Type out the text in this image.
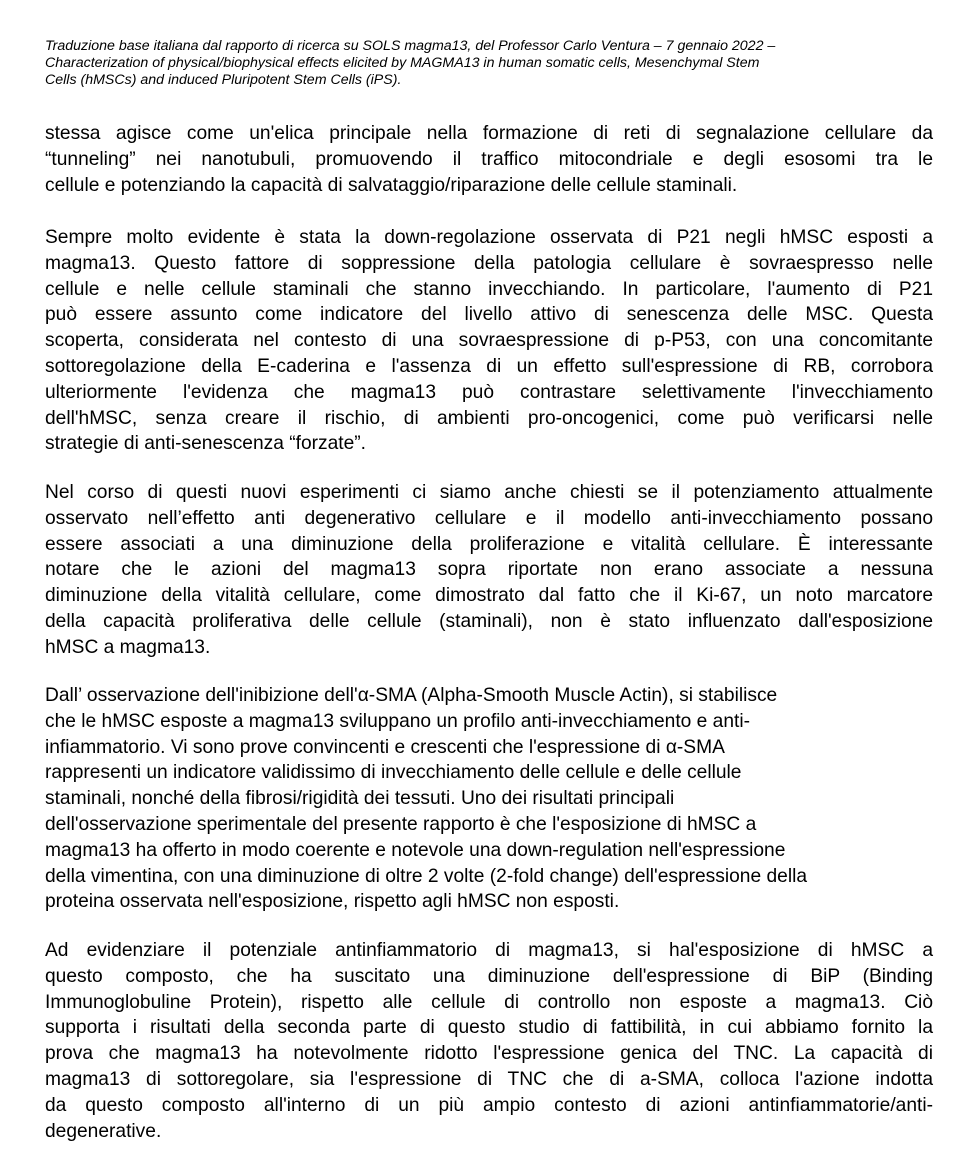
Traduzione base italiana dal rapporto di ricerca su SOLS magma13, del Professor Carlo Ventura – 7 gennaio 2022 –
Characterization of physical/biophysical effects elicited by MAGMA13 in human somatic cells, Mesenchymal Stem
Cells (hMSCs) and induced Pluripotent Stem Cells (iPS).
stessa agisce come un'elica principale nella formazione di reti di segnalazione cellulare da
“tunneling” nei nanotubuli, promuovendo il traffico mitocondriale e degli esosomi tra le
cellule e potenziando la capacità di salvataggio/riparazione delle cellule staminali.
Sempre molto evidente è stata la down-regolazione osservata di P21 negli hMSC esposti a
magma13. Questo fattore di soppressione della patologia cellulare è sovraespresso nelle
cellule e nelle cellule staminali che stanno invecchiando. In particolare, l'aumento di P21
può essere assunto come indicatore del livello attivo di senescenza delle MSC. Questa
scoperta, considerata nel contesto di una sovraespressione di p-P53, con una concomitante
sottoregolazione della E-caderina e l'assenza di un effetto sull'espressione di RB, corrobora
ulteriormente l'evidenza che magma13 può contrastare selettivamente l'invecchiamento
dell'hMSC, senza creare il rischio, di ambienti pro-oncogenici, come può verificarsi nelle
strategie di anti-senescenza “forzate”.
Nel corso di questi nuovi esperimenti ci siamo anche chiesti se il potenziamento attualmente
osservato nell’effetto anti degenerativo cellulare e il modello anti-invecchiamento possano
essere associati a una diminuzione della proliferazione e vitalità cellulare. È interessante
notare che le azioni del magma13 sopra riportate non erano associate a nessuna
diminuzione della vitalità cellulare, come dimostrato dal fatto che il Ki-67, un noto marcatore
della capacità proliferativa delle cellule (staminali), non è stato influenzato dall'esposizione
hMSC a magma13.
Dall’ osservazione dell'inibizione dell'α-SMA (Alpha-Smooth Muscle Actin), si stabilisce
che le hMSC esposte a magma13 sviluppano un profilo anti-invecchiamento e anti-
infiammatorio. Vi sono prove convincenti e crescenti che l'espressione di α-SMA
rappresenti un indicatore validissimo di invecchiamento delle cellule e delle cellule
staminali, nonché della fibrosi/rigidità dei tessuti. Uno dei risultati principali
dell'osservazione sperimentale del presente rapporto è che l'esposizione di hMSC a
magma13 ha offerto in modo coerente e notevole una down-regulation nell'espressione
della vimentina, con una diminuzione di oltre 2 volte (2-fold change) dell'espressione della
proteina osservata nell'esposizione, rispetto agli hMSC non esposti.
Ad evidenziare il potenziale antinfiammatorio di magma13, si hal'esposizione di hMSC a
questo composto, che ha suscitato una diminuzione dell'espressione di BiP (Binding
Immunoglobuline Protein), rispetto alle cellule di controllo non esposte a magma13. Ciò
supporta i risultati della seconda parte di questo studio di fattibilità, in cui abbiamo fornito la
prova che magma13 ha notevolmente ridotto l'espressione genica del TNC. La capacità di
magma13 di sottoregolare, sia l'espressione di TNC che di a-SMA, colloca l'azione indotta
da questo composto all'interno di un più ampio contesto di azioni antinfiammatorie/anti-
degenerative.
